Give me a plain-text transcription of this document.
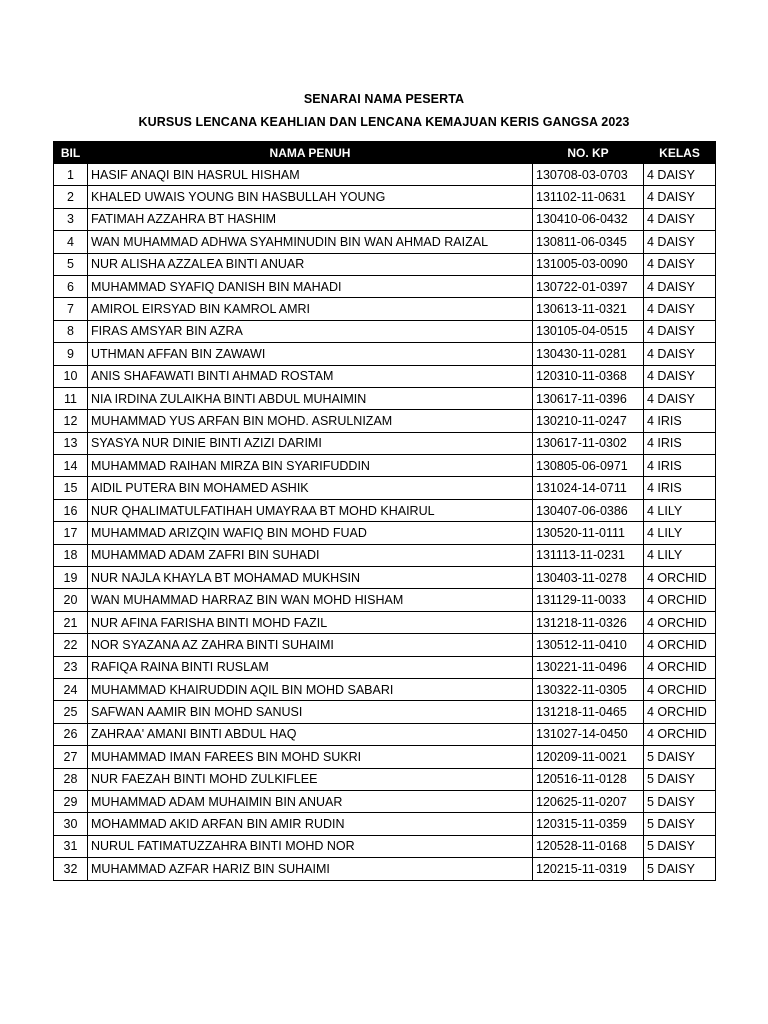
SENARAI NAMA PESERTA
KURSUS LENCANA KEAHLIAN DAN LENCANA KEMAJUAN KERIS GANGSA 2023
BIL	NAMA PENUH	NO. KP	KELAS
1	HASIF ANAQI BIN HASRUL HISHAM	130708-03-0703	4 DAISY
2	KHALED UWAIS YOUNG BIN HASBULLAH YOUNG	131102-11-0631	4 DAISY
3	FATIMAH AZZAHRA BT HASHIM	130410-06-0432	4 DAISY
4	WAN MUHAMMAD ADHWA SYAHMINUDIN BIN WAN AHMAD RAIZAL	130811-06-0345	4 DAISY
5	NUR ALISHA AZZALEA BINTI ANUAR	131005-03-0090	4 DAISY
6	MUHAMMAD SYAFIQ DANISH BIN MAHADI	130722-01-0397	4 DAISY
7	AMIROL EIRSYAD BIN KAMROL AMRI	130613-11-0321	4 DAISY
8	FIRAS AMSYAR BIN AZRA	130105-04-0515	4 DAISY
9	UTHMAN AFFAN BIN ZAWAWI	130430-11-0281	4 DAISY
10	ANIS SHAFAWATI BINTI AHMAD ROSTAM	120310-11-0368	4 DAISY
11	NIA IRDINA ZULAIKHA BINTI ABDUL MUHAIMIN	130617-11-0396	4 DAISY
12	MUHAMMAD YUS ARFAN BIN MOHD. ASRULNIZAM	130210-11-0247	4 IRIS
13	SYASYA NUR DINIE BINTI AZIZI DARIMI	130617-11-0302	4 IRIS
14	MUHAMMAD RAIHAN MIRZA BIN SYARIFUDDIN	130805-06-0971	4 IRIS
15	AIDIL PUTERA BIN MOHAMED ASHIK	131024-14-0711	4 IRIS
16	NUR QHALIMATULFATIHAH UMAYRAA BT MOHD KHAIRUL	130407-06-0386	4 LILY
17	MUHAMMAD ARIZQIN WAFIQ BIN MOHD FUAD	130520-11-0111	4 LILY
18	MUHAMMAD ADAM ZAFRI BIN SUHADI	131113-11-0231	4 LILY
19	NUR NAJLA KHAYLA BT MOHAMAD MUKHSIN	130403-11-0278	4 ORCHID
20	WAN MUHAMMAD HARRAZ BIN WAN MOHD HISHAM	131129-11-0033	4 ORCHID
21	NUR AFINA FARISHA BINTI MOHD FAZIL	131218-11-0326	4 ORCHID
22	NOR SYAZANA AZ ZAHRA BINTI SUHAIMI	130512-11-0410	4 ORCHID
23	RAFIQA RAINA BINTI RUSLAM	130221-11-0496	4 ORCHID
24	MUHAMMAD KHAIRUDDIN AQIL BIN MOHD SABARI	130322-11-0305	4 ORCHID
25	SAFWAN AAMIR BIN MOHD SANUSI	131218-11-0465	4 ORCHID
26	ZAHRAA' AMANI BINTI ABDUL HAQ	131027-14-0450	4 ORCHID
27	MUHAMMAD IMAN FAREES BIN MOHD SUKRI	120209-11-0021	5 DAISY
28	NUR FAEZAH BINTI MOHD ZULKIFLEE	120516-11-0128	5 DAISY
29	MUHAMMAD ADAM MUHAIMIN BIN ANUAR	120625-11-0207	5 DAISY
30	MOHAMMAD AKID ARFAN BIN AMIR RUDIN	120315-11-0359	5 DAISY
31	NURUL FATIMATUZZAHRA BINTI MOHD NOR	120528-11-0168	5 DAISY
32	MUHAMMAD AZFAR HARIZ BIN SUHAIMI	120215-11-0319	5 DAISY
